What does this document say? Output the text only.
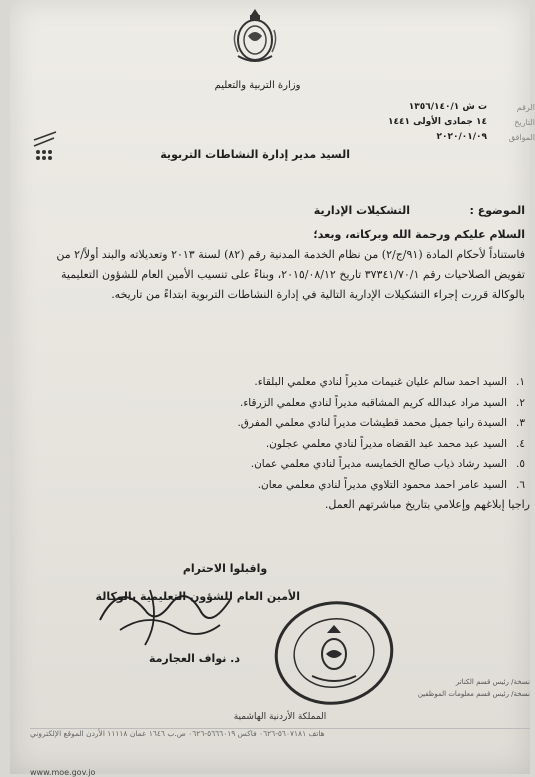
وزارة التربية والتعليم
الرقم
ت ش ١٣٥٦/١٤٠/١
التاريخ
١٤ جمادى الأولى ١٤٤١
الموافق
٢٠٢٠/٠١/٠٩
السيد مدير إدارة النشاطات التربوية
الموضوع :
التشكيلات الإدارية

السلام عليكم ورحمة الله وبركاته، وبعد؛

فاستناداً لأحكام المادة (٩١/ج/٢) من نظام الخدمة المدنية رقم (٨٢) لسنة ٢٠١٣ وتعديلاته والبند أولاً/٢ من تفويض الصلاحيات رقم ٣٧٣٤١/٧٠/١ تاريخ ٢٠١٥/٠٨/١٢، وبناءً على تنسيب الأمين العام للشؤون التعليمية بالوكالة قررت إجراء التشكيلات الإدارية التالية في إدارة النشاطات التربوية ابتداءً من تاريخه.

١.
السيد احمد سالم عليان غنيمات مديراً لنادي معلمي البلقاء.
٢.
السيد مراد عبدالله كريم المشاقبه مديراً لنادي معلمي الزرقاء.
٣.
السيدة رانيا جميل محمد قطيشات مديراً لنادي معلمي المفرق.
٤.
السيد عبد محمد عبد القضاه مديراً لنادي معلمي عجلون.
٥.
السيد رشاد ذياب صالح الخمايسه مديراً لنادي معلمي عمان.
٦.
السيد عامر احمد محمود التلاوي مديراً لنادي معلمي معان.
راجيا إبلاغهم وإعلامي بتاريخ مباشرتهم العمل.
واقبلوا الاحترام
الأمين العام للشؤون التعليمية بالوكالة
د. نواف العجارمة
نسخة/ رئيس قسم الكناتر
نسخة/ رئيس قسم معلومات الموظفين
المملكة الأردنية الهاشمية
هاتف ٥٦٠٧١٨١-٠٦٢٦ فاكس ٥٦٦٦٠١٩-٠٦٢٦ ص.ب ١٦٤٦ عمان ١١١١٨ الأردن الموقع الإلكتروني
www.moe.gov.jo
